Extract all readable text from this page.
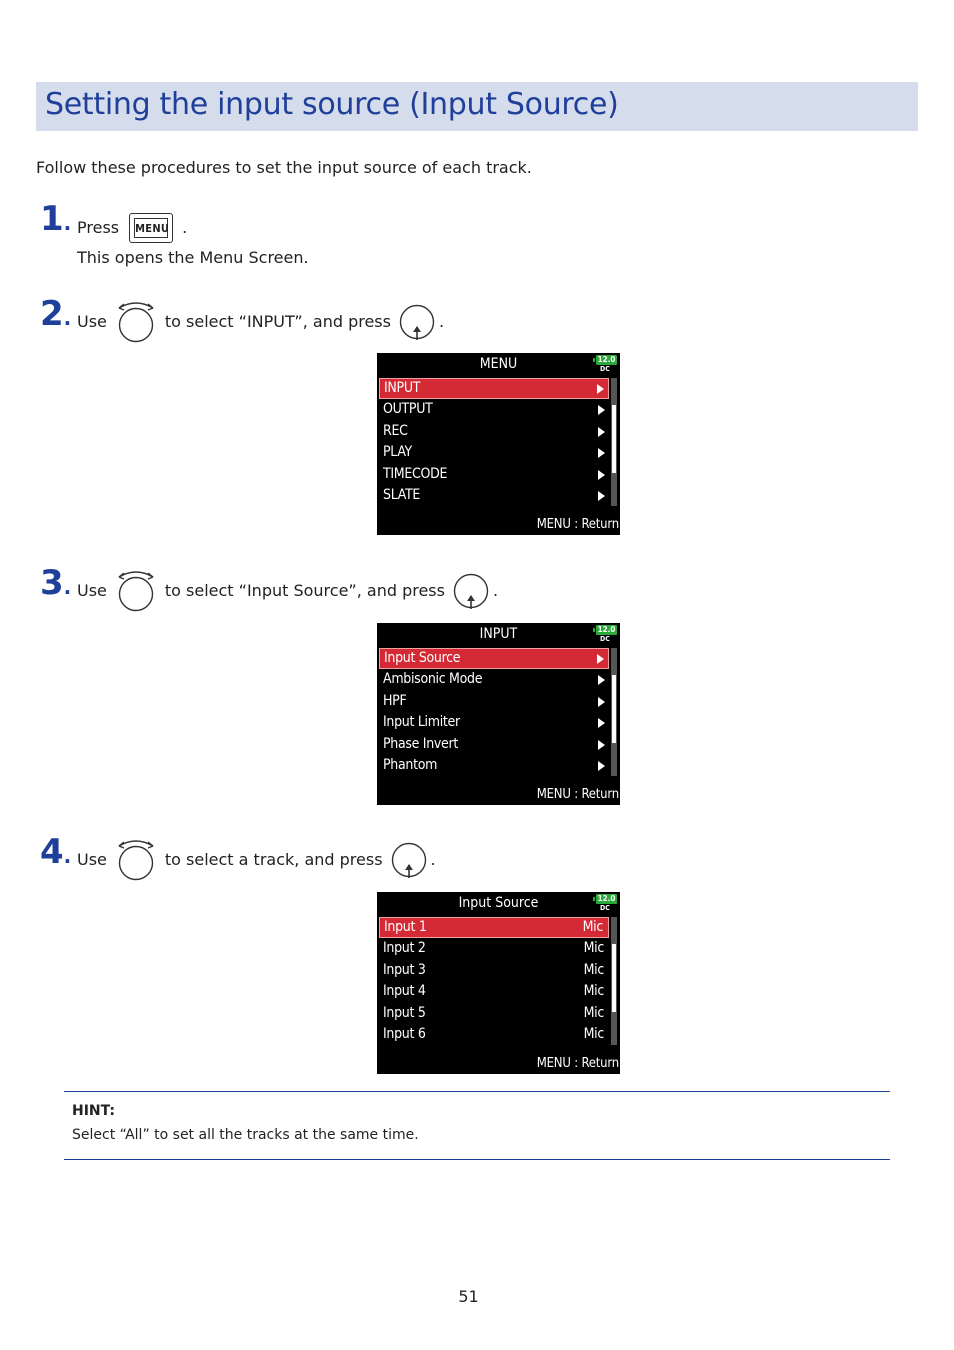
Setting the input source (Input Source)
Follow these procedures to set the input source of each track.
1. Press MENU .
This opens the Menu Screen.
2. Use	to select “INPUT”, and press	.
MENU	12.0
DC
INPUT
OUTPUT
REC
PLAY
TIMECODE
SLATE
MENU : Return
3. Use	to select “Input Source”, and press	.
INPUT	12.0
DC
Input Source
Ambisonic Mode
HPF
Input Limiter
Phase Invert
Phantom
MENU : Return
4. Use	to select a track, and press	.
Input Source	12.0
DC
Input 1	Mic
Input 2	Mic
Input 3	Mic
Input 4	Mic
Input 5	Mic
Input 6	Mic
MENU : Return
HINT:
Select “All” to set all the tracks at the same time.
51
